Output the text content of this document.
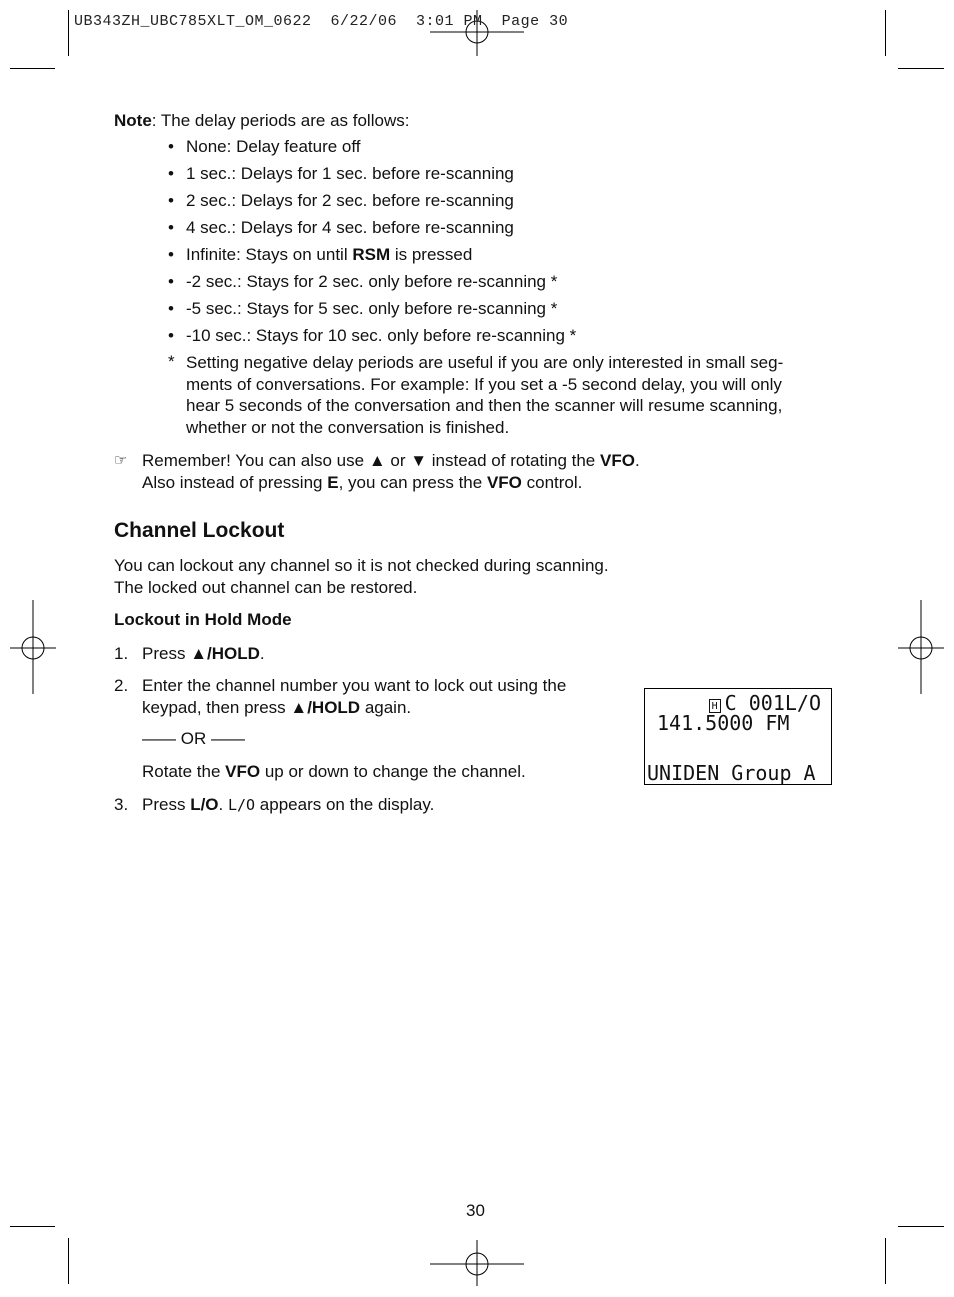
UB343ZH_UBC785XLT_OM_0622  6/22/06  3:01 PM  Page 30
Note: The delay periods are as follows:
• None: Delay feature off
• 1 sec.: Delays for 1 sec. before re-scanning
• 2 sec.: Delays for 2 sec. before re-scanning
• 4 sec.: Delays for 4 sec. before re-scanning
• Infinite: Stays on until RSM is pressed
• -2 sec.: Stays for 2 sec. only before re-scanning *
• -5 sec.: Stays for 5 sec. only before re-scanning *
• -10 sec.: Stays for 10 sec. only before re-scanning *
* Setting negative delay periods are useful if you are only interested in small seg-
ments of conversations. For example: If you set a -5 second delay, you will only
hear 5 seconds of the conversation and then the scanner will resume scanning,
whether or not the conversation is finished.
☞ Remember! You can also use ▲ or ▼ instead of rotating the VFO.
Also instead of pressing E, you can press the VFO control.
Channel Lockout
You can lockout any channel so it is not checked during scanning.
The locked out channel can be restored.
Lockout in Hold Mode
1. Press ▲/HOLD.
2. Enter the channel number you want to lock out using the
keypad, then press ▲/HOLD again.
—— OR ——
Rotate the VFO up or down to change the channel.
3. Press L/O. L/O appears on the display.
H C 001L/O
141.5000 FM
UNIDEN Group A
30
